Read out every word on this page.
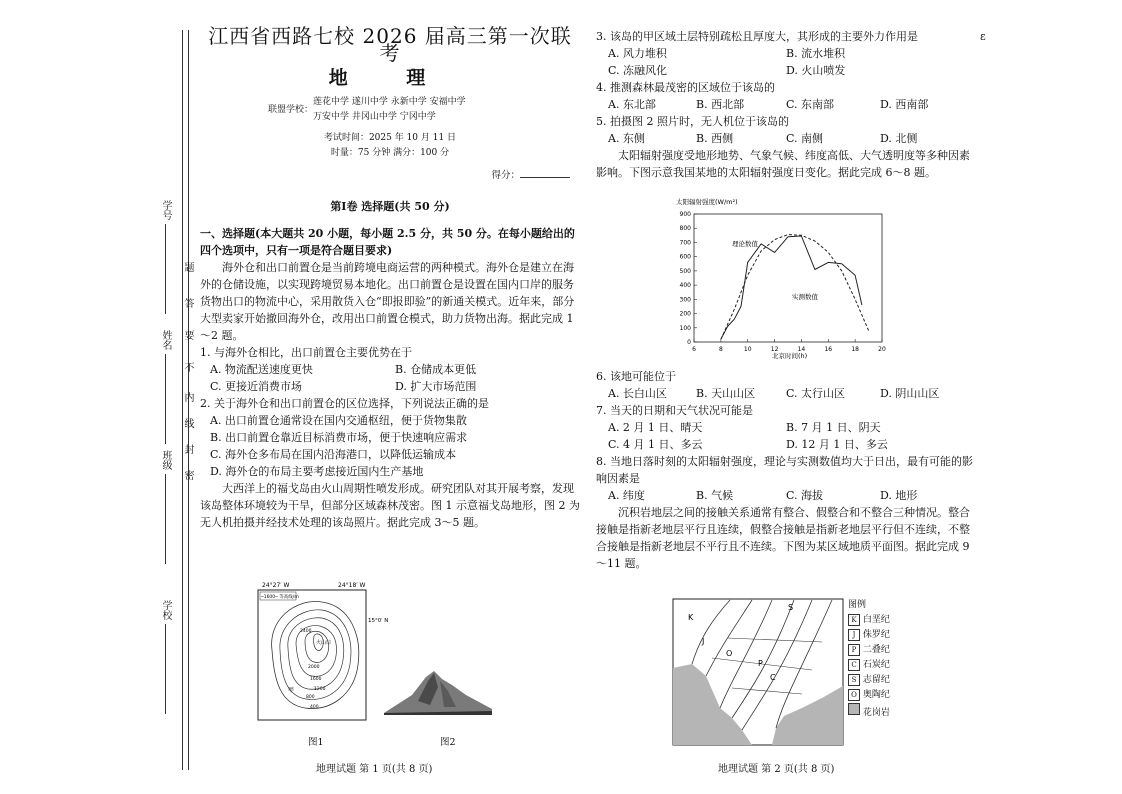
学号
姓名
班级
学校
题
答
要
不
内
线
封
密
ε
江西省西路七校 2026 届高三第一次联考
地 理
联盟学校：
莲花中学 遂川中学 永新中学 安福中学
万安中学 井冈山中学 宁冈中学
考试时间：2025 年 10 月 11 日
时量：75 分钟 满分：100 分
得分：
第Ⅰ卷 选择题(共 50 分)

一、选择题(本大题共 20 小题，每小题 2.5 分，共 50 分。在每小题给出的四个选项中，只有一项是符合题目要求)

海外仓和出口前置仓是当前跨境电商运营的两种模式。海外仓是建立在海外的仓储设施，以实现跨境贸易本地化。出口前置仓是设置在国内口岸的服务货物出口的物流中心，采用散货入仓“即报即验”的新通关模式。近年来，部分大型卖家开始撤回海外仓，改用出口前置仓模式，助力货物出海。据此完成 1～2 题。

1. 与海外仓相比，出口前置仓主要优势在于

A. 物流配送速度更快	B. 仓储成本更低
C. 更接近消费市场	D. 扩大市场范围

2. 关于海外仓和出口前置仓的区位选择，下列说法正确的是

A. 出口前置仓通常设在国内交通枢纽，便于货物集散
B. 出口前置仓靠近目标消费市场，便于快速响应需求
C. 海外仓多布局在国内沿海港口，以降低运输成本
D. 海外仓的布局主要考虑接近国内生产基地

大西洋上的福戈岛由火山周期性喷发形成。研究团队对其开展考察，发现该岛整体环境较为干旱，但部分区域森林茂密。图 1 示意福戈岛地形，图 2 为无人机拍摄并经技术处理的该岛照片。据此完成 3～5 题。

24°27′ W	24°18′ W
15°0′ N
─1600─ 等高线/m
火山口
2400
2000
1600
1200
800
400
甲
图1	图2
地理试题 第 1 页(共 8 页)

3. 该岛的甲区域土层特别疏松且厚度大，其形成的主要外力作用是

A. 风力堆积	B. 流水堆积
C. 冻融风化	D. 火山喷发

4. 推测森林最茂密的区域位于该岛的

A. 东北部	B. 西北部	C. 东南部	D. 西南部

5. 拍摄图 2 照片时，无人机位于该岛的

A. 东侧	B. 西侧	C. 南侧	D. 北侧

太阳辐射强度受地形地势、气象气候、纬度高低、大气透明度等多种因素影响。下图示意我国某地的太阳辐射强度日变化。据此完成 6～8 题。

太阳辐射强度(W/m²)
北京时间(h)
0
100
200
300
400
500
600
700
800
900
6	8	10	12	14	16	18	20
理论数值
实测数值

6. 该地可能位于

A. 长白山区	B. 天山山区	C. 太行山区	D. 阴山山区

7. 当天的日期和天气状况可能是

A. 2 月 1 日、晴天	B. 7 月 1 日、阴天
C. 4 月 1 日、多云	D. 12 月 1 日、多云

8. 当地日落时刻的太阳辐射强度，理论与实测数值均大于日出，最有可能的影响因素是

A. 纬度	B. 气候	C. 海拔	D. 地形

沉积岩地层之间的接触关系通常有整合、假整合和不整合三种情况。整合接触是指新老地层平行且连续，假整合接触是指新老地层平行但不连续，不整合接触是指新老地层不平行且不连续。下图为某区域地质平面图。据此完成 9～11 题。

K
J
P
C
S
O
图例
K 白垩纪
J 侏罗纪
P 二叠纪
C 石炭纪
S 志留纪
O 奥陶纪
花岗岩
地理试题 第 2 页(共 8 页)
